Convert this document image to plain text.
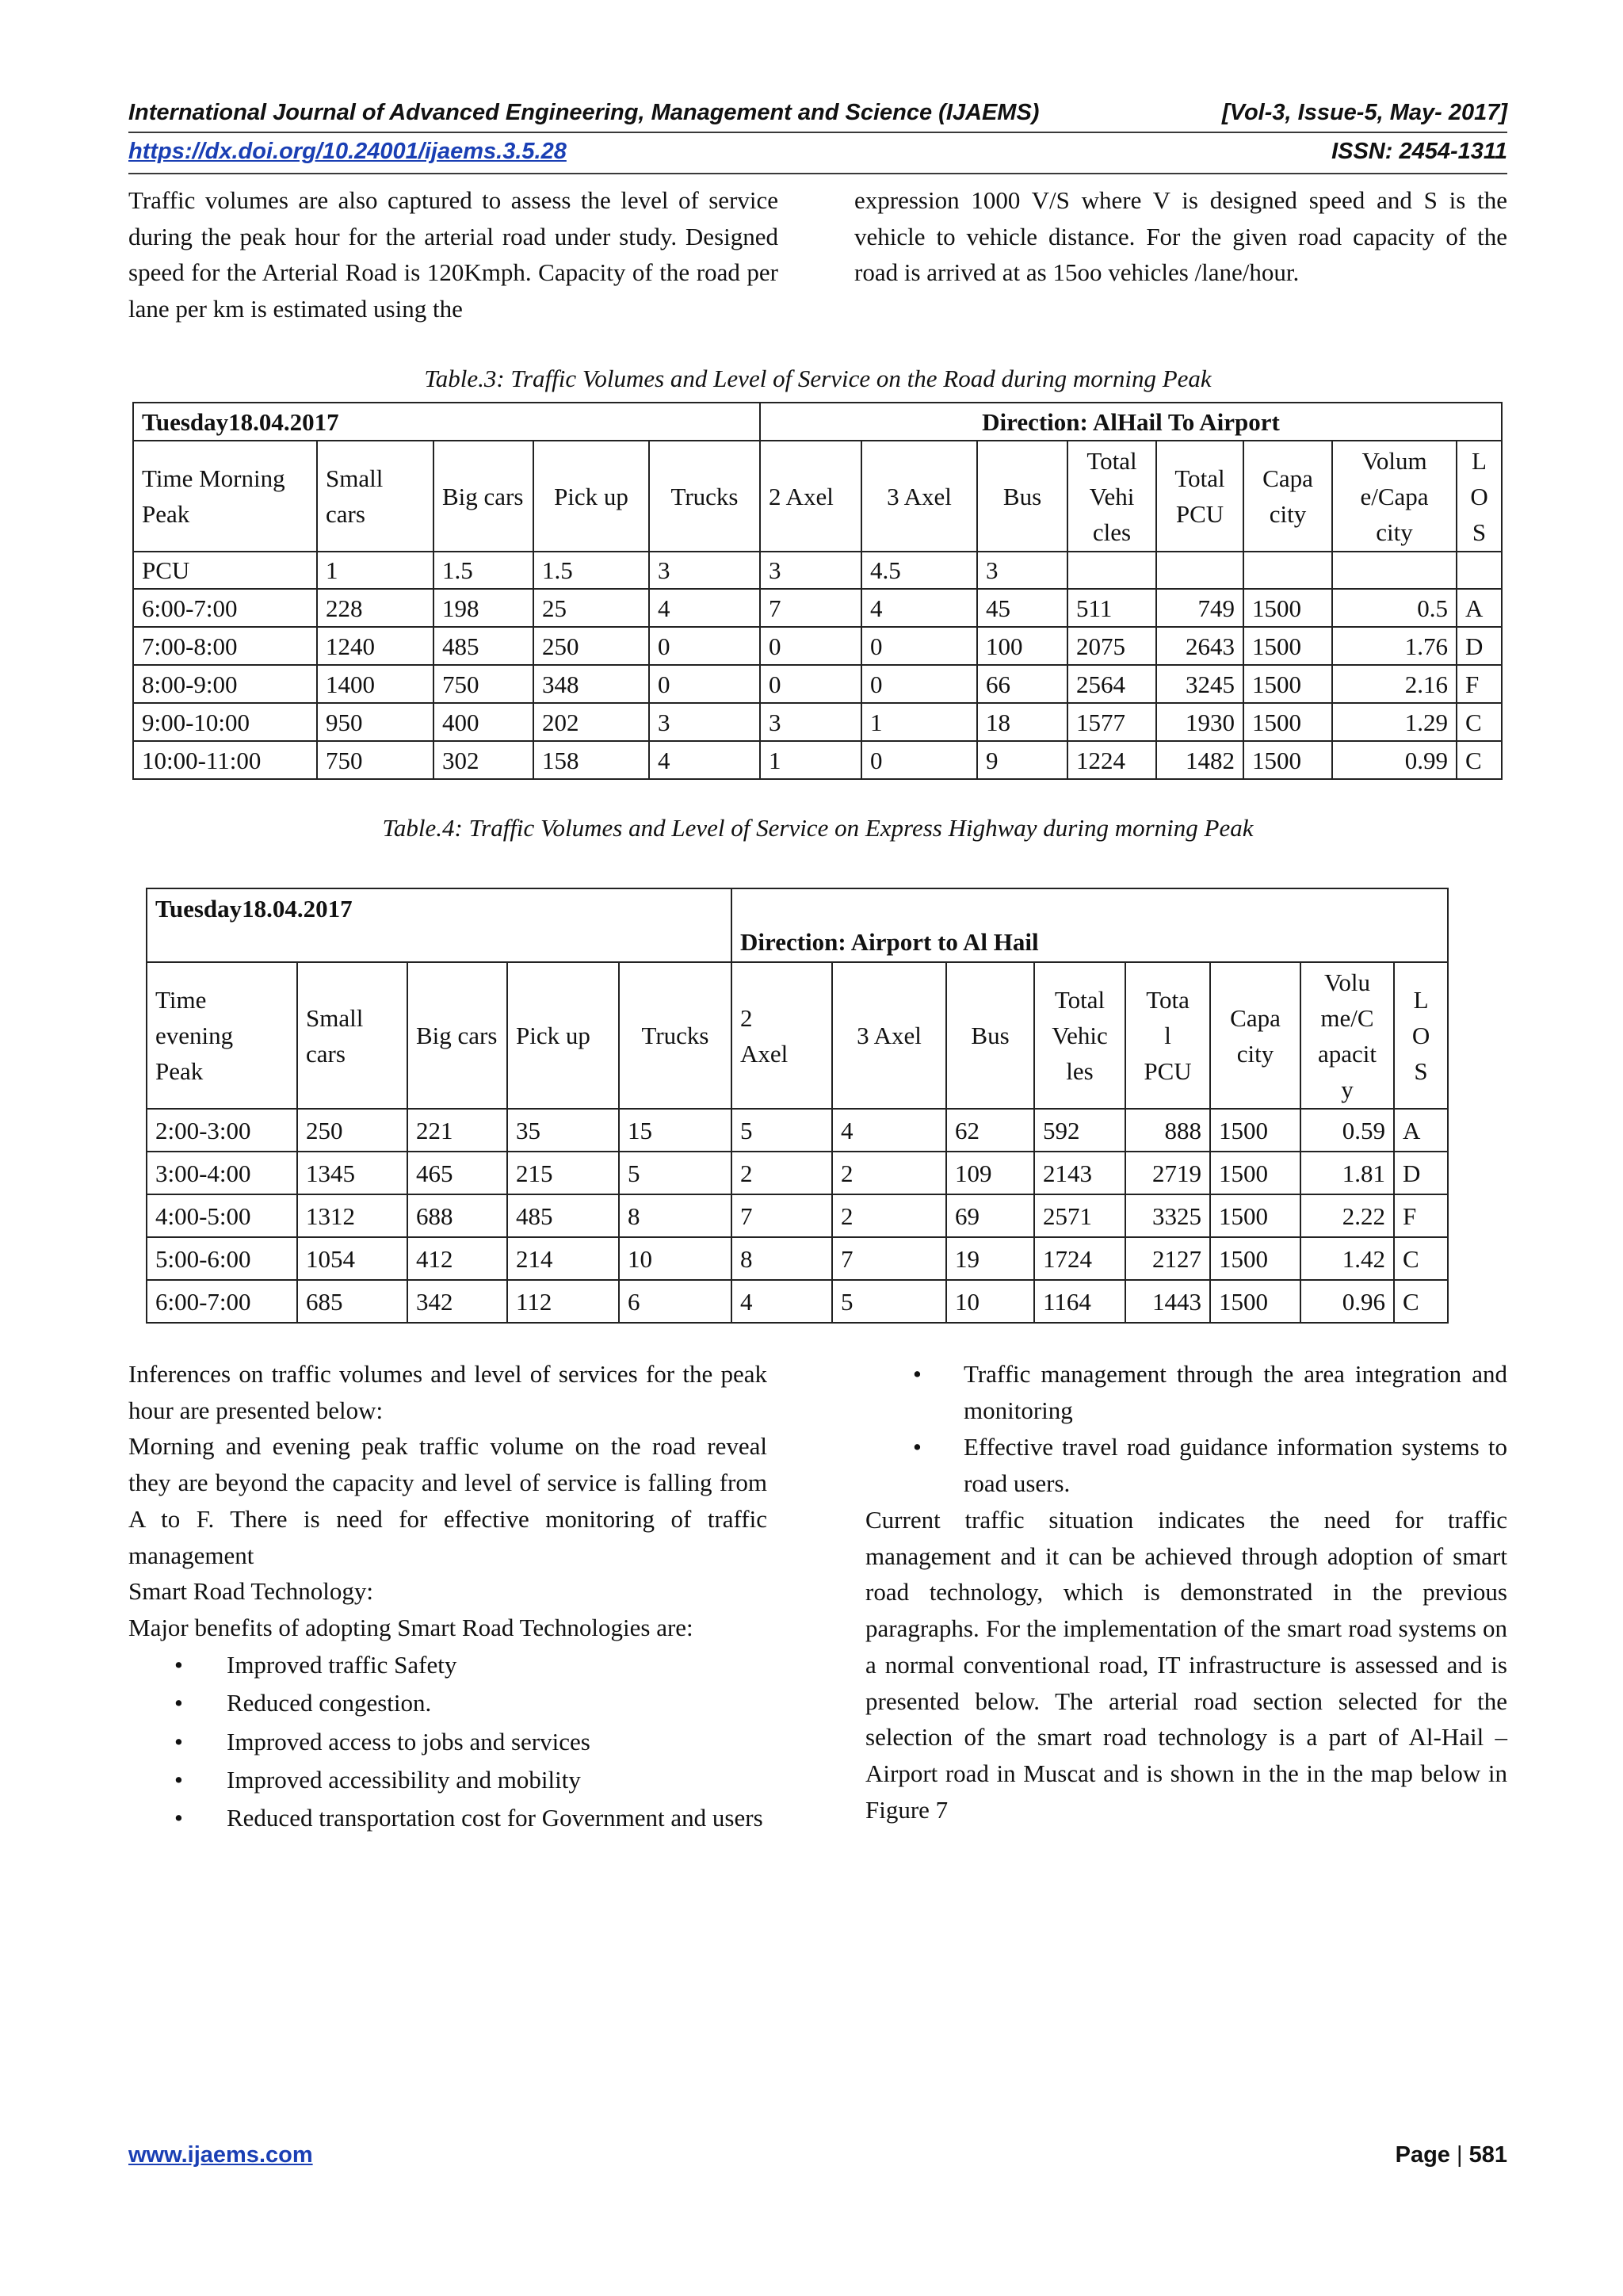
International Journal of Advanced Engineering, Management and Science (IJAEMS)	[Vol-3, Issue-5, May- 2017]
https://dx.doi.org/10.24001/ijaems.3.5.28	ISSN: 2454-1311

Traffic volumes are also captured to assess the level of service during the peak hour for the arterial road under study. Designed speed for the Arterial Road is 120Kmph. Capacity of the road per lane per km is estimated using the

expression 1000 V/S where V is designed speed and S is the vehicle to vehicle distance. For the given road capacity of the road is arrived at as 15oo vehicles /lane/hour.

Table.3: Traffic Volumes and Level of Service on the Road during morning Peak
Tuesday18.04.2017					Direction: AlHail To Airport							
Time Morning Peak	Small cars	Big cars	Pick up	Trucks	2 Axel	3 Axel	Bus	Total Vehi cles	Total PCU	Capa city	Volum e/Capa city	L O S
PCU	1	1.5	1.5	3	3	4.5	3					
6:00-7:00	228	198	25	4	7	4	45	511	749	1500	0.5	A
7:00-8:00	1240	485	250	0	0	0	100	2075	2643	1500	1.76	D
8:00-9:00	1400	750	348	0	0	0	66	2564	3245	1500	2.16	F
9:00-10:00	950	400	202	3	3	1	18	1577	1930	1500	1.29	C
10:00-11:00	750	302	158	4	1	0	9	1224	1482	1500	0.99	C
Table.4: Traffic Volumes and Level of Service on Express Highway during morning Peak
Tuesday18.04.2017					Direction: Airport to Al Hail							
Time evening Peak	Small cars	Big cars	Pick up	Trucks	2 Axel	3 Axel	Bus	Total Vehic les	Tota l PCU	Capa city	Volu me/C apacit y	L O S
2:00-3:00	250	221	35	15	5	4	62	592	888	1500	0.59	A
3:00-4:00	1345	465	215	5	2	2	109	2143	2719	1500	1.81	D
4:00-5:00	1312	688	485	8	7	2	69	2571	3325	1500	2.22	F
5:00-6:00	1054	412	214	10	8	7	19	1724	2127	1500	1.42	C
6:00-7:00	685	342	112	6	4	5	10	1164	1443	1500	0.96	C

Inferences on traffic volumes and level of services for the peak hour are presented below:

Morning and evening peak traffic volume on the road reveal they are beyond the capacity and level of service is falling from A to F. There is need for effective monitoring of traffic management

Smart Road Technology:

Major benefits of adopting Smart Road Technologies are:

• Improved traffic Safety
• Reduced congestion.
• Improved access to jobs and services
• Improved accessibility and mobility
• Reduced transportation cost for Government and users
• Traffic management through the area integration and monitoring
• Effective travel road guidance information systems to road users.

Current traffic situation indicates the need for traffic management and it can be achieved through adoption of smart road technology, which is demonstrated in the previous paragraphs. For the implementation of the smart road systems on a normal conventional road, IT infrastructure is assessed and is presented below. The arterial road section selected for the selection of the smart road technology is a part of Al-Hail –Airport road in Muscat and is shown in the in the map below in Figure 7

www.ijaems.com	Page | 581
